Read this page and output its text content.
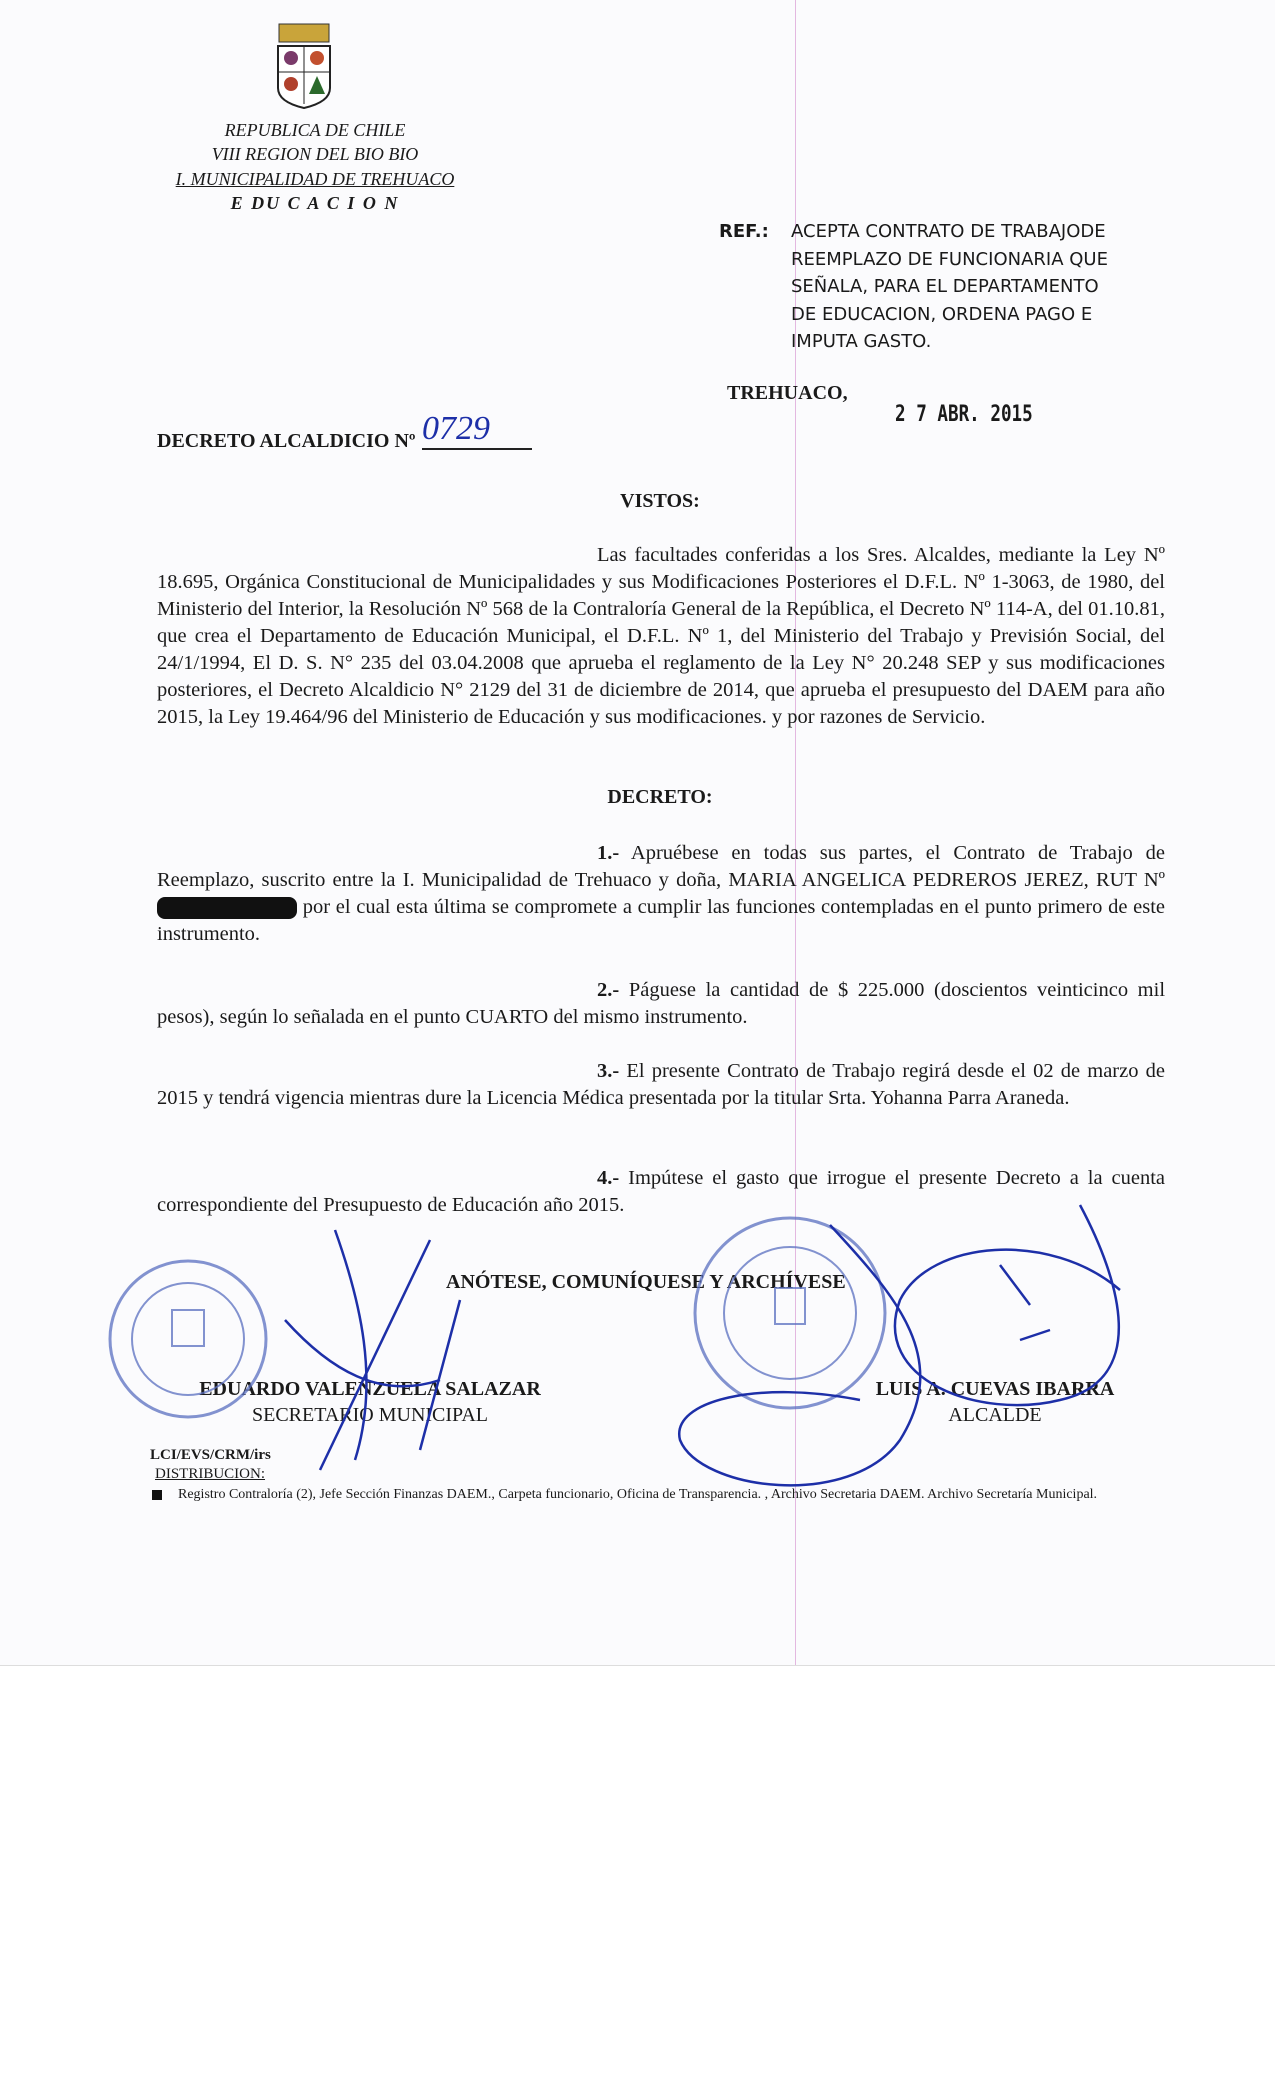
REPUBLICA DE CHILE
VIII REGION DEL BIO BIO
I. MUNICIPALIDAD DE TREHUACO
E DU C A C I O N
REF.:	ACEPTA CONTRATO DE TRABAJODE
REEMPLAZO DE FUNCIONARIA QUE
SEÑALA, PARA EL DEPARTAMENTO
DE EDUCACION, ORDENA PAGO E
IMPUTA GASTO.
TREHUACO,
2 7 ABR. 2015
DECRETO ALCALDICIO Nº 0729
VISTOS:
Las facultades conferidas a los Sres. Alcaldes, mediante la Ley Nº 18.695, Orgánica Constitucional de Municipalidades y sus Modificaciones Posteriores el D.F.L. Nº 1-3063, de 1980, del Ministerio del Interior, la Resolución Nº 568 de la Contraloría General de la República, el Decreto Nº 114-A, del 01.10.81, que crea el Departamento de Educación Municipal, el D.F.L. Nº 1, del Ministerio del Trabajo y Previsión Social, del 24/1/1994, El D. S. N° 235 del 03.04.2008 que aprueba el reglamento de la Ley N° 20.248 SEP y sus modificaciones posteriores, el Decreto Alcaldicio N° 2129 del 31 de diciembre de 2014, que aprueba el presupuesto del DAEM para año 2015, la Ley 19.464/96 del Ministerio de Educación y sus modificaciones. y por razones de Servicio.
DECRETO:
1.- Apruébese en todas sus partes, el Contrato de Trabajo de Reemplazo, suscrito entre la I. Municipalidad de Trehuaco y doña, MARIA ANGELICA PEDREROS JEREZ, RUT Nº  por el cual esta última se compromete a cumplir las funciones contempladas en el punto primero de este instrumento.
2.- Páguese la cantidad de $ 225.000 (doscientos veinticinco mil pesos), según lo señalada en el punto CUARTO del mismo instrumento.
3.- El presente Contrato de Trabajo regirá desde el 02 de marzo de 2015 y tendrá vigencia mientras dure la Licencia Médica presentada por la titular Srta. Yohanna Parra Araneda.
4.- Impútese el gasto que irrogue el presente Decreto a la cuenta correspondiente del Presupuesto de Educación año 2015.
ANÓTESE, COMUNÍQUESE Y ARCHÍVESE
EDUARDO VALENZUELA SALAZAR
SECRETARIO MUNICIPAL
LUIS A. CUEVAS IBARRA
ALCALDE
LCI/EVS/CRM/irs
DISTRIBUCION:
Registro Contraloría (2), Jefe Sección Finanzas DAEM., Carpeta funcionario, Oficina de Transparencia. , Archivo Secretaria DAEM. Archivo Secretaría Municipal.
